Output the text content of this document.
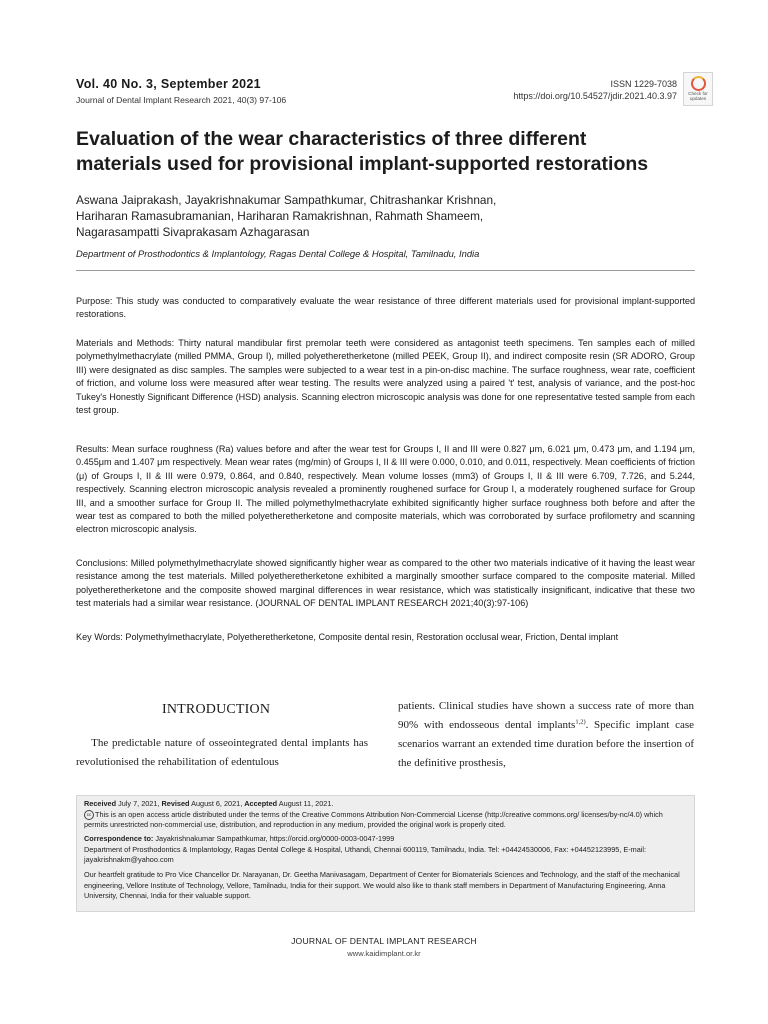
Vol. 40 No. 3, September 2021
Journal of Dental Implant Research 2021, 40(3) 97-106
ISSN 1229-7038
https://doi.org/10.54527/jdir.2021.40.3.97	Check for updates
Evaluation of the wear characteristics of three different
materials used for provisional implant-supported restorations
Aswana Jaiprakash, Jayakrishnakumar Sampathkumar, Chitrashankar Krishnan,
Hariharan Ramasubramanian, Hariharan Ramakrishnan, Rahmath Shameem,
Nagarasampatti Sivaprakasam Azhagarasan
Department of Prosthodontics & Implantology, Ragas Dental College & Hospital, Tamilnadu, India
Purpose: This study was conducted to comparatively evaluate the wear resistance of three different materials used for provisional implant-supported restorations.
Materials and Methods: Thirty natural mandibular first premolar teeth were considered as antagonist teeth specimens. Ten samples each of milled polymethylmethacrylate (milled PMMA, Group I), milled polyetheretherketone (milled PEEK, Group II), and indirect composite resin (SR ADORO, Group III) were designated as disc samples. The samples were subjected to a wear test in a pin-on-disc machine. The surface roughness, wear rate, coefficient of friction, and volume loss were measured after wear testing. The results were analyzed using a paired 't' test, analysis of variance, and the post-hoc Tukey's Honestly Significant Difference (HSD) analysis. Scanning electron microscopic analysis was done for one representative tested sample from each test group.
Results: Mean surface roughness (Ra) values before and after the wear test for Groups I, II and III were 0.827 μm, 6.021 μm, 0.473 μm, and 1.194 μm, 0.455μm and 1.407 μm respectively. Mean wear rates (mg/min) of Groups I, II & III were 0.000, 0.010, and 0.011, respectively. Mean coefficients of friction (μ) of Groups I, II & III were 0.979, 0.864, and 0.840, respectively. Mean volume losses (mm3) of Groups I, II & III were 6.709, 7.726, and 5.244, respectively. Scanning electron microscopic analysis revealed a prominently roughened surface for Group I, a moderately roughened surface for Group III, and a smoother surface for Group II. The milled polymethylmethacrylate exhibited significantly higher surface roughness both before and after the wear test as compared to both the milled polyetheretherketone and composite materials, which was corroborated by surface profilometry and scanning electron microscopic analysis.
Conclusions: Milled polymethylmethacrylate showed significantly higher wear as compared to the other two materials indicative of it having the least wear resistance among the test materials. Milled polyetheretherketone exhibited a marginally smoother surface compared to the composite material. Milled polyetheretherketone and the composite showed marginal differences in wear resistance, which was statistically insignificant, indicative that these two test materials had a similar wear resistance. (JOURNAL OF DENTAL IMPLANT RESEARCH 2021;40(3):97-106)
Key Words: Polymethylmethacrylate, Polyetheretherketone, Composite dental resin, Restoration occlusal wear, Friction, Dental implant
INTRODUCTION
The predictable nature of osseointegrated dental implants has revolutionised the rehabilitation of edentulous
patients. Clinical studies have shown a success rate of more than 90% with endosseous dental implants$^{1,2)}$. Specific implant case scenarios warrant an extended time duration before the insertion of the definitive prosthesis,
Received July 7, 2021, Revised August 6, 2021, Accepted August 11, 2021.
cc This is an open access article distributed under the terms of the Creative Commons Attribution Non-Commercial License (http://creative commons.org/ licenses/by-nc/4.0) which permits unrestricted non-commercial use, distribution, and reproduction in any medium, provided the original work is properly cited.
Correspondence to: Jayakrishnakumar Sampathkumar, https://orcid.org/0000-0003-0047-1999
Department of Prosthodontics & Implantology, Ragas Dental College & Hospital, Uthandi, Chennai 600119, Tamilnadu, India. Tel: +04424530006, Fax: +04452123995, E-mail: jayakrishnakm@yahoo.com
Our heartfelt gratitude to Pro Vice Chancellor Dr. Narayanan, Dr. Geetha Manivasagam, Department of Center for Biomaterials Sciences and Technology, and the staff of the mechanical engineering, Vellore Institute of Technology, Vellore, Tamilnadu, India for their support. We would also like to thank staff members in Department of Manufacturing Engineering, Anna University, Chennai, India for their valuable support.
JOURNAL OF DENTAL IMPLANT RESEARCH
www.kaidimplant.or.kr
